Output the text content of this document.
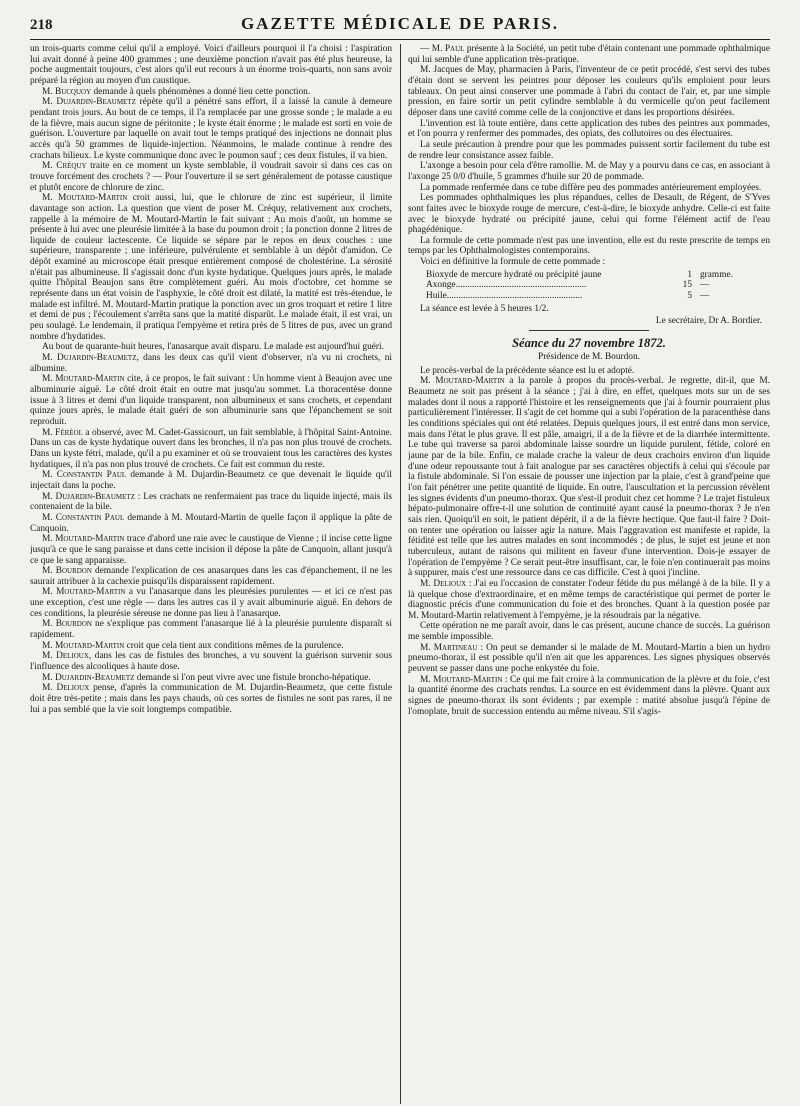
218	GAZETTE MÉDICALE DE PARIS.

un trois-quarts comme celui qu'il a employé. Voici d'ailleurs pourquoi il l'a choisi : l'aspiration lui avait donné à peine 400 grammes ; une deuxième ponction n'avait pas été plus heureuse, la poche augmentait toujours, c'est alors qu'il eut recours à un énorme trois-quarts, non sans avoir préparé la région au moyen d'un caustique.

M. Bucquoy demande à quels phénomènes a donné lieu cette ponction.

M. Dujardin-Beaumetz répète qu'il a pénétré sans effort, il a laissé la canule à demeure pendant trois jours. Au bout de ce temps, il l'a remplacée par une grosse sonde ; le malade a eu de la fièvre, mais aucun signe de péritonite ; le kyste était énorme ; le malade est sorti en voie de guérison. L'ouverture par laquelle on avait tout le temps pratiqué des injections ne donnait plus accès qu'à 50 grammes de liquide-injection. Néanmoins, le malade continue à rendre des crachats bilieux. Le kyste communique donc avec le poumon sauf ; ces deux fistules, il va bien.

M. Créquy traite en ce moment un kyste semblable, il voudrait savoir si dans ces cas on trouve forcément des crochets ? — Pour l'ouverture il se sert généralement de potasse caustique et plutôt encore de chlorure de zinc.

M. Moutard-Martin croit aussi, lui, que le chlorure de zinc est supérieur, il limite davantage son action. La question que vient de poser M. Créquy, relativement aux crochets, rappelle à la mémoire de M. Moutard-Martin le fait suivant : Au mois d'août, un homme se présente à lui avec une pleurésie limitée à la base du poumon droit ; la ponction donne 2 litres de liquide de couleur lactescente. Ce liquide se sépare par le repos en deux couches : une supérieure, transparente ; une inférieure, pulvérulente et semblable à un dépôt d'amidon. Ce dépôt examiné au microscope était presque entièrement composé de cholestérine. La sérosité n'était pas albumineuse. Il s'agissait donc d'un kyste hydatique. Quelques jours après, le malade quitte l'hôpital Beaujon sans être complètement guéri. Au mois d'octobre, cet homme se représente dans un état voisin de l'asphyxie, le côté droit est dilaté, la matité est très-étendue, le malade est infiltré. M. Moutard-Martin pratique la ponction avec un gros troquart et retire 1 litre et demi de pus ; l'écoulement s'arrêta sans que la matité disparût. Le malade était, il est vrai, un peu soulagé. Le lendemain, il pratiqua l'empyème et retira près de 5 litres de pus, avec un grand nombre d'hydatides.

Au bout de quarante-huit heures, l'anasarque avait disparu. Le malade est aujourd'hui guéri.

M. Dujardin-Beaumetz, dans les deux cas qu'il vient d'observer, n'a vu ni crochets, ni albumine.

M. Moutard-Martin cite, à ce propos, le fait suivant : Un homme vient à Beaujon avec une albuminurie aiguë. Le côté droit était en outre mat jusqu'au sommet. La thoracentèse donne issue à 3 litres et demi d'un liquide transparent, non albumineux et sans crochets, et cependant quinze jours après, le malade était guéri de son albuminurie sans que l'épanchement se soit reproduit.

M. Féréol a observé, avec M. Cadet-Gassicourt, un fait semblable, à l'hôpital Saint-Antoine. Dans un cas de kyste hydatique ouvert dans les bronches, il n'a pas non plus trouvé de crochets. Dans un kyste fétri, malade, qu'il a pu examiner et où se trouvaient tous les caractères des kystes hydatiques, il n'a pas non plus trouvé de crochets. Ce fait est commun du reste.

M. Constantin Paul demande à M. Dujardin-Beaumetz ce que devenait le liquide qu'il injectait dans la poche.

M. Dujardin-Beaumetz : Les crachats ne renfermaient pas trace du liquide injecté, mais ils contenaient de la bile.

M. Constantin Paul demande à M. Moutard-Martin de quelle façon il applique la pâte de Canquoin.

M. Moutard-Martin trace d'abord une raie avec le caustique de Vienne ; il incise cette ligne jusqu'à ce que le sang paraisse et dans cette incision il dépose la pâte de Canquoin, allant jusqu'à ce que le sang apparaisse.

M. Bourdon demande l'explication de ces anasarques dans les cas d'épanchement, il ne les saurait attribuer à la cachexie puisqu'ils disparaissent rapidement.

M. Moutard-Martin a vu l'anasarque dans les pleurésies purulentes — et ici ce n'est pas une exception, c'est une règle — dans les autres cas il y avait albuminurie aiguë. En dehors de ces conditions, la pleurésie séreuse ne donne pas lieu à l'anasarque.

M. Bourdon ne s'explique pas comment l'anasarque lié à la pleurésie purulente disparaît si rapidement.

M. Moutard-Martin croit que cela tient aux conditions mêmes de la purulence.

M. Delioux, dans les cas de fistules des bronches, a vu souvent la guérison survenir sous l'influence des alcooliques à haute dose.

M. Dujardin-Beaumetz demande si l'on peut vivre avec une fistule broncho-hépatique.

M. Delioux pense, d'après la communication de M. Dujardin-Beaumetz, que cette fistule doit être très-petite ; mais dans les pays chauds, où ces sortes de fistules ne sont pas rares, il ne lui a pas semblé que la vie soit longtemps compatible.

— M. Paul présente à la Société, un petit tube d'étain contenant une pommade ophthalmique qui lui semble d'une application très-pratique.

M. Jacques de May, pharmacien à Paris, l'inventeur de ce petit procédé, s'est servi des tubes d'étain dont se servent les peintres pour déposer les couleurs qu'ils emploient pour leurs tableaux. On peut ainsi conserver une pommade à l'abri du contact de l'air, et, par une simple pression, en faire sortir un petit cylindre semblable à du vermicelle qu'on peut facilement déposer dans une cavité comme celle de la conjonctive et dans les proportions désirées.

L'invention est là toute entière, dans cette application des tubes des peintres aux pommades, et l'on pourra y renfermer des pommades, des opiats, des collutoires ou des électuaires.

La seule précaution à prendre pour que les pommades puissent sortir facilement du tube est de rendre leur consistance assez faible.

L'axonge a besoin pour cela d'être ramollie. M. de May y a pourvu dans ce cas, en associant à l'axonge 25 0/0 d'huile, 5 grammes d'huile sur 20 de pommade.

La pommade renfermée dans ce tube diffère peu des pommades antérieurement employées.

Les pommades ophthalmiques les plus répandues, celles de Desault, de Régent, de S'Yves sont faites avec le bioxyde rouge de mercure, c'est-à-dire, le bioxyde anhydre. Celle-ci est faite avec le bioxyde hydraté ou précipité jaune, celui qui forme l'élément actif de l'eau phagédénique.

La formule de cette pommade n'est pas une invention, elle est du reste prescrite de temps en temps par les Ophthalmologistes contemporains.

Voici en définitive la formule de cette pommade :

Bioxyde de mercure hydraté ou précipité jaune	1 gramme.
Axonge........................................................	15 —
Huile..........................................................	5 —

La séance est levée à 5 heures 1/2.

Le secrétaire, Dr A. Bordier.
Séance du 27 novembre 1872.
Présidence de M. Bourdon.

Le procès-verbal de la précédente séance est lu et adopté.

M. Moutard-Martin a la parole à propos du procès-verbal. Je regrette, dit-il, que M. Beaumetz ne soit pas présent à la séance ; j'ai à dire, en effet, quelques mots sur un de ses malades dont il nous a rapporté l'histoire et les renseignements que j'ai à fournir pourraient plus particulièrement l'intéresser. Il s'agit de cet homme qui a subi l'opération de la paracenthèse dans les conditions spéciales qui ont été relatées. Depuis quelques jours, il est entré dans mon service, mais dans l'état le plus grave. Il est pâle, amaigri, il a de la fièvre et de la diarrhée intermittente. Le tube qui traverse sa paroi abdominale laisse sourdre un liquide purulent, fétide, coloré en jaune par de la bile. Enfin, ce malade crache la valeur de deux crachoirs environ d'un liquide d'une odeur repoussante tout à fait analogue par ses caractères objectifs à celui qui s'écoule par la fistule abdominale. Si l'on essaie de pousser une injection par la plaie, c'est à grand'peine que l'on fait pénétrer une petite quantité de liquide. En outre, l'auscultation et la percussion révèlent les signes évidents d'un pneumo-thorax. Que s'est-il produit chez cet homme ? Le trajet fistuleux hépato-pulmonaire offre-t-il une solution de continuité ayant causé la pneumo-thorax ? Je n'en sais rien. Quoiqu'il en soit, le patient dépérit, il a de la fièvre hectique. Que faut-il faire ? Doit-on tenter une opération ou laisser agir la nature. Mais l'aggravation est manifeste et rapide, la fétidité est telle que les autres malades en sont incommodés ; de plus, le sujet est jeune et non tuberculeux, autant de raisons qui militent en faveur d'une intervention. Dois-je essayer de l'opération de l'empyème ? Ce serait peut-être insuffisant, car, le foie n'en continuerait pas moins à suppurer, mais c'est une ressource dans ce cas difficile. C'est à quoi j'incline.

M. Delioux : J'ai eu l'occasion de constater l'odeur fétide du pus mélangé à de la bile. Il y a là quelque chose d'extraordinaire, et en même temps de caractéristique qui permet de porter le diagnostic précis d'une communication du foie et des bronches. Quant à la question posée par M. Moutard-Martin relativement à l'empyème, je la résoudrais par la négative.

Cette opération ne me paraît avoir, dans le cas présent, aucune chance de succès. La guérison me semble impossible.

M. Martineau : On peut se demander si le malade de M. Moutard-Martin a bien un hydro pneumo-thorax, il est possible qu'il n'en ait que les apparences. Les signes physiques observés peuvent se passer dans une poche enkystée du foie.

M. Moutard-Martin : Ce qui me fait croire à la communication de la plèvre et du foie, c'est la quantité énorme des crachats rendus. La source en est évidemment dans la plèvre. Quant aux signes de pneumo-thorax ils sont évidents ; par exemple : matité absolue jusqu'à l'épine de l'omoplate, bruit de succession entendu au même niveau. S'il s'agis-
